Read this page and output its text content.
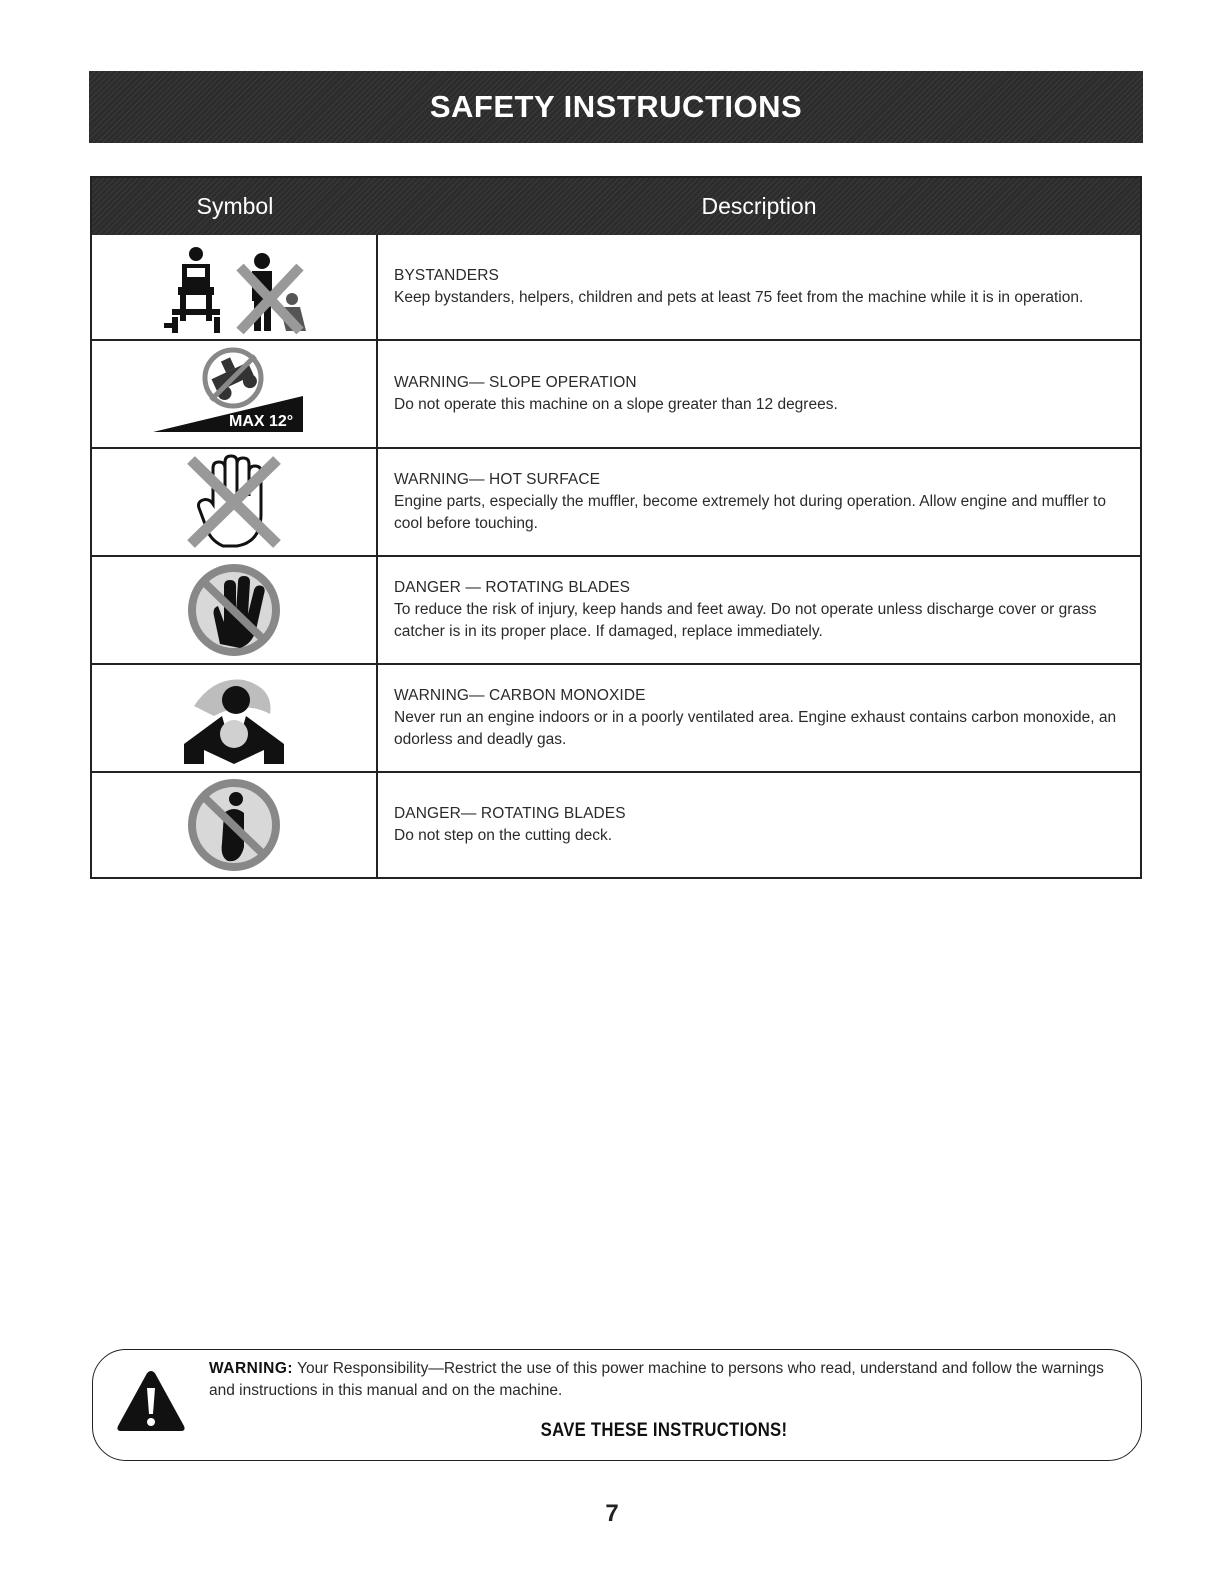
SAFETY INSTRUCTIONS
Symbol	Description
BYSTANDERS
Keep bystanders, helpers, children and pets at least 75 feet from the machine while it is in operation.
MAX 12°
WARNING— SLOPE OPERATION
Do not operate this machine on a slope greater than 12 degrees.
WARNING— HOT SURFACE
Engine parts, especially the muffler, become extremely hot during operation. Allow engine and muffler to cool before touching.
DANGER — ROTATING BLADES
To reduce the risk of injury, keep hands and feet away. Do not operate unless discharge cover or grass catcher is in its proper place. If damaged, replace immediately.
WARNING— CARBON MONOXIDE
Never run an engine indoors or in a poorly ventilated area. Engine exhaust contains carbon monoxide, an odorless and deadly gas.
DANGER— ROTATING BLADES
Do not step on the cutting deck.
WARNING: Your Responsibility—Restrict the use of this power machine to persons who read, understand and follow the warnings and instructions in this manual and on the machine.
SAVE THESE INSTRUCTIONS!
7
